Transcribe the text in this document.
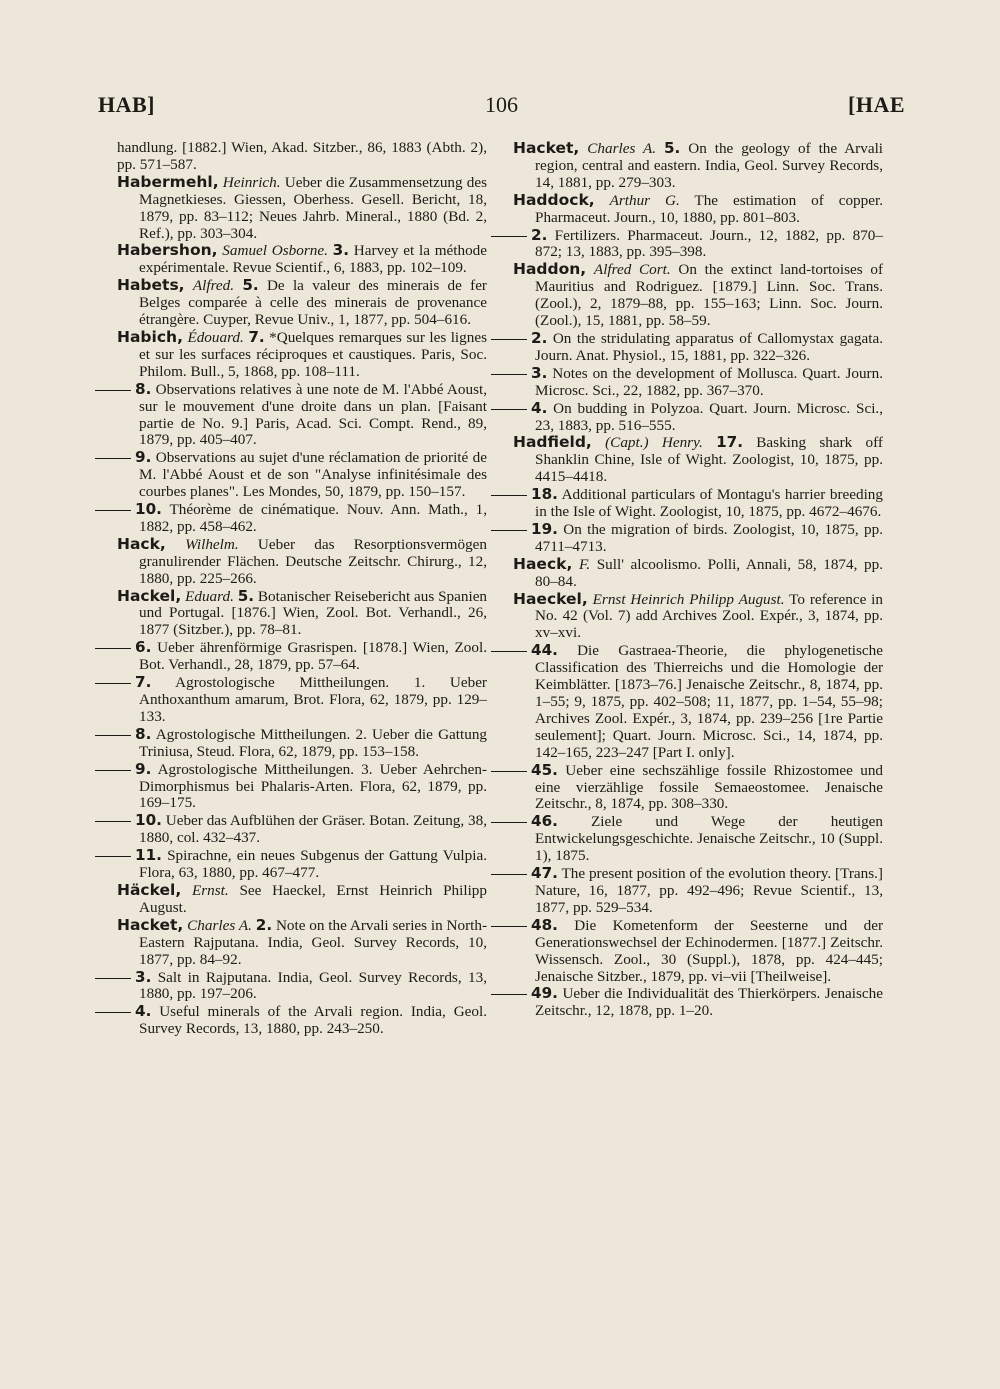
HAB]	106	[HAE

handlung. [1882.] Wien, Akad. Sitzber., 86, 1883 (Abth. 2), pp. 571–587.

Habermehl, Heinrich. Ueber die Zusammensetzung des Magnetkieses. Giessen, Oberhess. Gesell. Bericht, 18, 1879, pp. 83–112; Neues Jahrb. Mineral., 1880 (Bd. 2, Ref.), pp. 303–304.

Habershon, Samuel Osborne. 3. Harvey et la méthode expérimentale. Revue Scientif., 6, 1883, pp. 102–109.

Habets, Alfred. 5. De la valeur des minerais de fer Belges comparée à celle des minerais de provenance étrangère. Cuyper, Revue Univ., 1, 1877, pp. 504–616.

Habich, Édouard. 7. *Quelques remarques sur les lignes et sur les surfaces réciproques et caustiques. Paris, Soc. Philom. Bull., 5, 1868, pp. 108–111.

8. Observations relatives à une note de M. l'Abbé Aoust, sur le mouvement d'une droite dans un plan. [Faisant partie de No. 9.] Paris, Acad. Sci. Compt. Rend., 89, 1879, pp. 405–407.

9. Observations au sujet d'une réclamation de priorité de M. l'Abbé Aoust et de son "Analyse infinitésimale des courbes planes". Les Mondes, 50, 1879, pp. 150–157.

10. Théorème de cinématique. Nouv. Ann. Math., 1, 1882, pp. 458–462.

Hack, Wilhelm. Ueber das Resorptionsvermögen granulirender Flächen. Deutsche Zeitschr. Chirurg., 12, 1880, pp. 225–266.

Hackel, Eduard. 5. Botanischer Reisebericht aus Spanien und Portugal. [1876.] Wien, Zool. Bot. Verhandl., 26, 1877 (Sitzber.), pp. 78–81.

6. Ueber ährenförmige Grasrispen. [1878.] Wien, Zool. Bot. Verhandl., 28, 1879, pp. 57–64.

7. Agrostologische Mittheilungen. 1. Ueber Anthoxanthum amarum, Brot. Flora, 62, 1879, pp. 129–133.

8. Agrostologische Mittheilungen. 2. Ueber die Gattung Triniusa, Steud. Flora, 62, 1879, pp. 153–158.

9. Agrostologische Mittheilungen. 3. Ueber Aehrchen-Dimorphismus bei Phalaris-Arten. Flora, 62, 1879, pp. 169–175.

10. Ueber das Aufblühen der Gräser. Botan. Zeitung, 38, 1880, col. 432–437.

11. Spirachne, ein neues Subgenus der Gattung Vulpia. Flora, 63, 1880, pp. 467–477.

Häckel, Ernst. See Haeckel, Ernst Heinrich Philipp August.

Hacket, Charles A. 2. Note on the Arvali series in North-Eastern Rajputana. India, Geol. Survey Records, 10, 1877, pp. 84–92.

3. Salt in Rajputana. India, Geol. Survey Records, 13, 1880, pp. 197–206.

4. Useful minerals of the Arvali region. India, Geol. Survey Records, 13, 1880, pp. 243–250.

Hacket, Charles A. 5. On the geology of the Arvali region, central and eastern. India, Geol. Survey Records, 14, 1881, pp. 279–303.

Haddock, Arthur G. The estimation of copper. Pharmaceut. Journ., 10, 1880, pp. 801–803.

2. Fertilizers. Pharmaceut. Journ., 12, 1882, pp. 870–872; 13, 1883, pp. 395–398.

Haddon, Alfred Cort. On the extinct land-tortoises of Mauritius and Rodriguez. [1879.] Linn. Soc. Trans. (Zool.), 2, 1879–88, pp. 155–163; Linn. Soc. Journ. (Zool.), 15, 1881, pp. 58–59.

2. On the stridulating apparatus of Callomystax gagata. Journ. Anat. Physiol., 15, 1881, pp. 322–326.

3. Notes on the development of Mollusca. Quart. Journ. Microsc. Sci., 22, 1882, pp. 367–370.

4. On budding in Polyzoa. Quart. Journ. Microsc. Sci., 23, 1883, pp. 516–555.

Hadfield, (Capt.) Henry. 17. Basking shark off Shanklin Chine, Isle of Wight. Zoologist, 10, 1875, pp. 4415–4418.

18. Additional particulars of Montagu's harrier breeding in the Isle of Wight. Zoologist, 10, 1875, pp. 4672–4676.

19. On the migration of birds. Zoologist, 10, 1875, pp. 4711–4713.

Haeck, F. Sull' alcoolismo. Polli, Annali, 58, 1874, pp. 80–84.

Haeckel, Ernst Heinrich Philipp August. To reference in No. 42 (Vol. 7) add Archives Zool. Expér., 3, 1874, pp. xv–xvi.

44. Die Gastraea-Theorie, die phylogenetische Classification des Thierreichs und die Homologie der Keimblätter. [1873–76.] Jenaische Zeitschr., 8, 1874, pp. 1–55; 9, 1875, pp. 402–508; 11, 1877, pp. 1–54, 55–98; Archives Zool. Expér., 3, 1874, pp. 239–256 [1re Partie seulement]; Quart. Journ. Microsc. Sci., 14, 1874, pp. 142–165, 223–247 [Part I. only].

45. Ueber eine sechszählige fossile Rhizostomee und eine vierzählige fossile Semaeostomee. Jenaische Zeitschr., 8, 1874, pp. 308–330.

46. Ziele und Wege der heutigen Entwickelungsgeschichte. Jenaische Zeitschr., 10 (Suppl. 1), 1875.

47. The present position of the evolution theory. [Trans.] Nature, 16, 1877, pp. 492–496; Revue Scientif., 13, 1877, pp. 529–534.

48. Die Kometenform der Seesterne und der Generationswechsel der Echinodermen. [1877.] Zeitschr. Wissensch. Zool., 30 (Suppl.), 1878, pp. 424–445; Jenaische Sitzber., 1879, pp. vi–vii [Theilweise].

49. Ueber die Individualität des Thierkörpers. Jenaische Zeitschr., 12, 1878, pp. 1–20.
